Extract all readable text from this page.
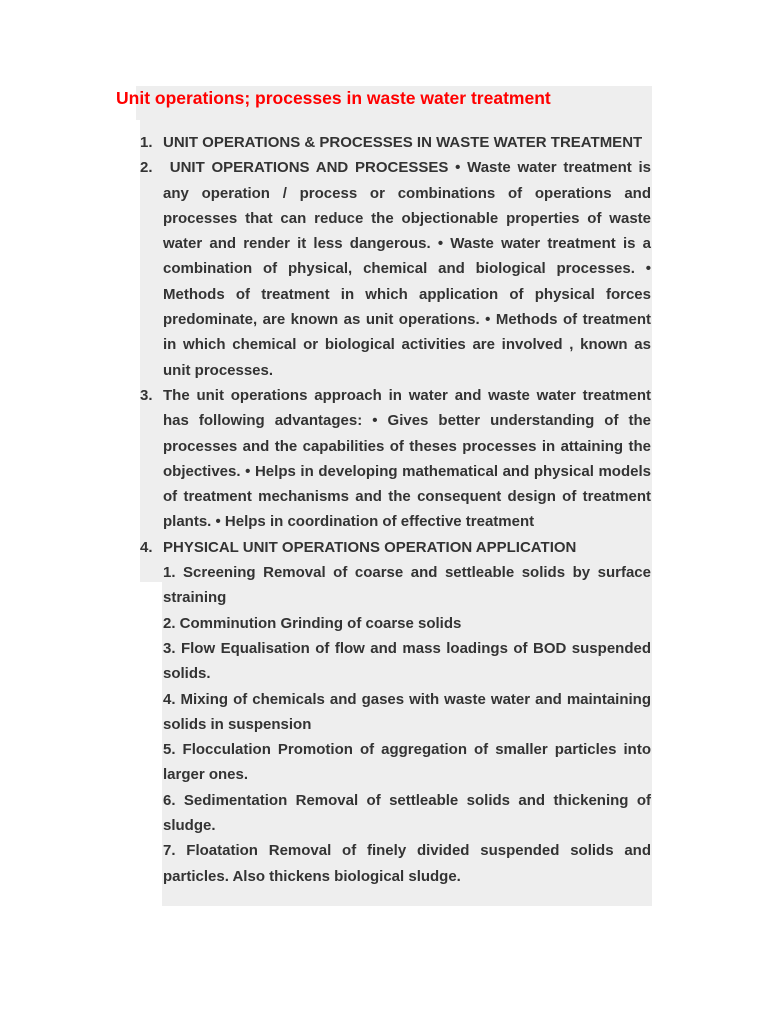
Unit operations; processes in waste water treatment
1. UNIT OPERATIONS & PROCESSES IN WASTE WATER TREATMENT
2. UNIT OPERATIONS AND PROCESSES • Waste water treatment is any operation / process or combinations of operations and processes that can reduce the objectionable properties of waste water and render it less dangerous. • Waste water treatment is a combination of physical, chemical and biological processes. • Methods of treatment in which application of physical forces predominate, are known as unit operations. • Methods of treatment in which chemical or biological activities are involved , known as unit processes.
3. The unit operations approach in water and waste water treatment has following advantages: • Gives better understanding of the processes and the capabilities of theses processes in attaining the objectives. • Helps in developing mathematical and physical models of treatment mechanisms and the consequent design of treatment plants. • Helps in coordination of effective treatment
4. PHYSICAL UNIT OPERATIONS OPERATION APPLICATION
1. Screening Removal of coarse and settleable solids by surface straining
2. Comminution Grinding of coarse solids
3. Flow Equalisation of flow and mass loadings of BOD suspended solids.
4. Mixing of chemicals and gases with waste water and maintaining solids in suspension
5. Flocculation Promotion of aggregation of smaller particles into larger ones.
6. Sedimentation Removal of settleable solids and thickening of sludge.
7. Floatation Removal of finely divided suspended solids and particles. Also thickens biological sludge.
